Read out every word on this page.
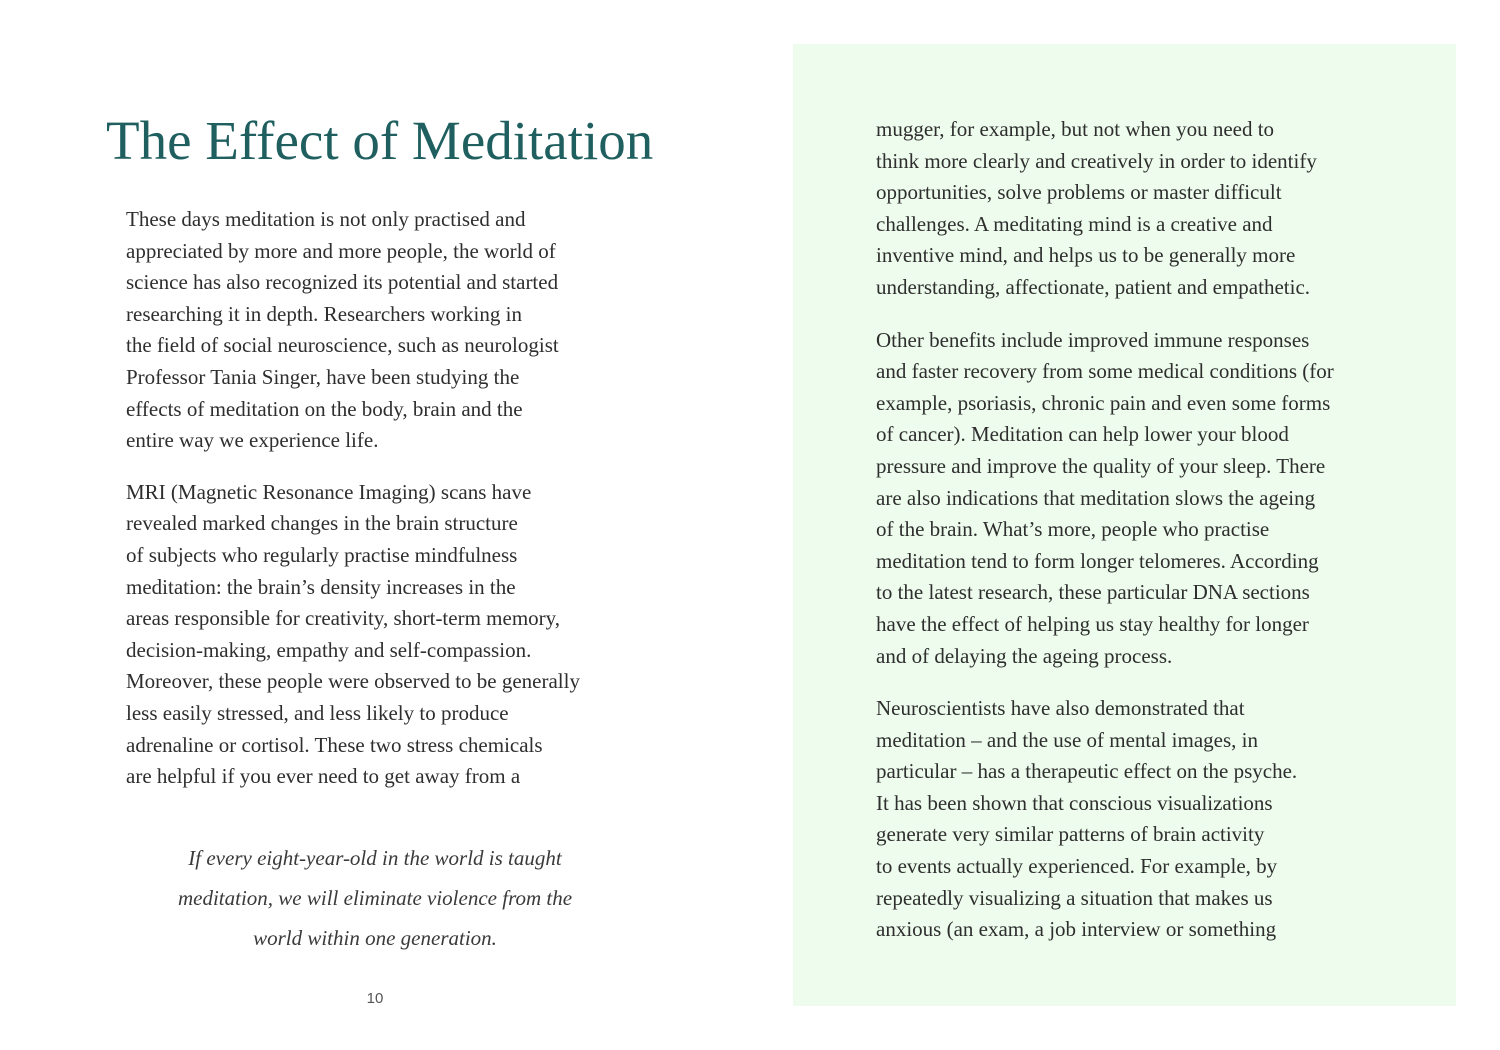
The Effect of Meditation

These days meditation is not only practised and
appreciated by more and more people, the world of
science has also recognized its potential and started
researching it in depth. Researchers working in
the field of social neuroscience, such as neurologist
Professor Tania Singer, have been studying the
effects of meditation on the body, brain and the
entire way we experience life.

MRI (Magnetic Resonance Imaging) scans have
revealed marked changes in the brain structure
of subjects who regularly practise mindfulness
meditation: the brain’s density increases in the
areas responsible for creativity, short-term memory,
decision-making, empathy and self-compassion.
Moreover, these people were observed to be generally
less easily stressed, and less likely to produce
adrenaline or cortisol. These two stress chemicals
are helpful if you ever need to get away from a

If every eight-year-old in the world is taught
meditation, we will eliminate violence from the
world within one generation.

10

mugger, for example, but not when you need to
think more clearly and creatively in order to identify
opportunities, solve problems or master difficult
challenges. A meditating mind is a creative and
inventive mind, and helps us to be generally more
understanding, affectionate, patient and empathetic.

Other benefits include improved immune responses
and faster recovery from some medical conditions (for
example, psoriasis, chronic pain and even some forms
of cancer). Meditation can help lower your blood
pressure and improve the quality of your sleep. There
are also indications that meditation slows the ageing
of the brain. What’s more, people who practise
meditation tend to form longer telomeres. According
to the latest research, these particular DNA sections
have the effect of helping us stay healthy for longer
and of delaying the ageing process.

Neuroscientists have also demonstrated that
meditation – and the use of mental images, in
particular – has a therapeutic effect on the psyche.
It has been shown that conscious visualizations
generate very similar patterns of brain activity
to events actually experienced. For example, by
repeatedly visualizing a situation that makes us
anxious (an exam, a job interview or something
